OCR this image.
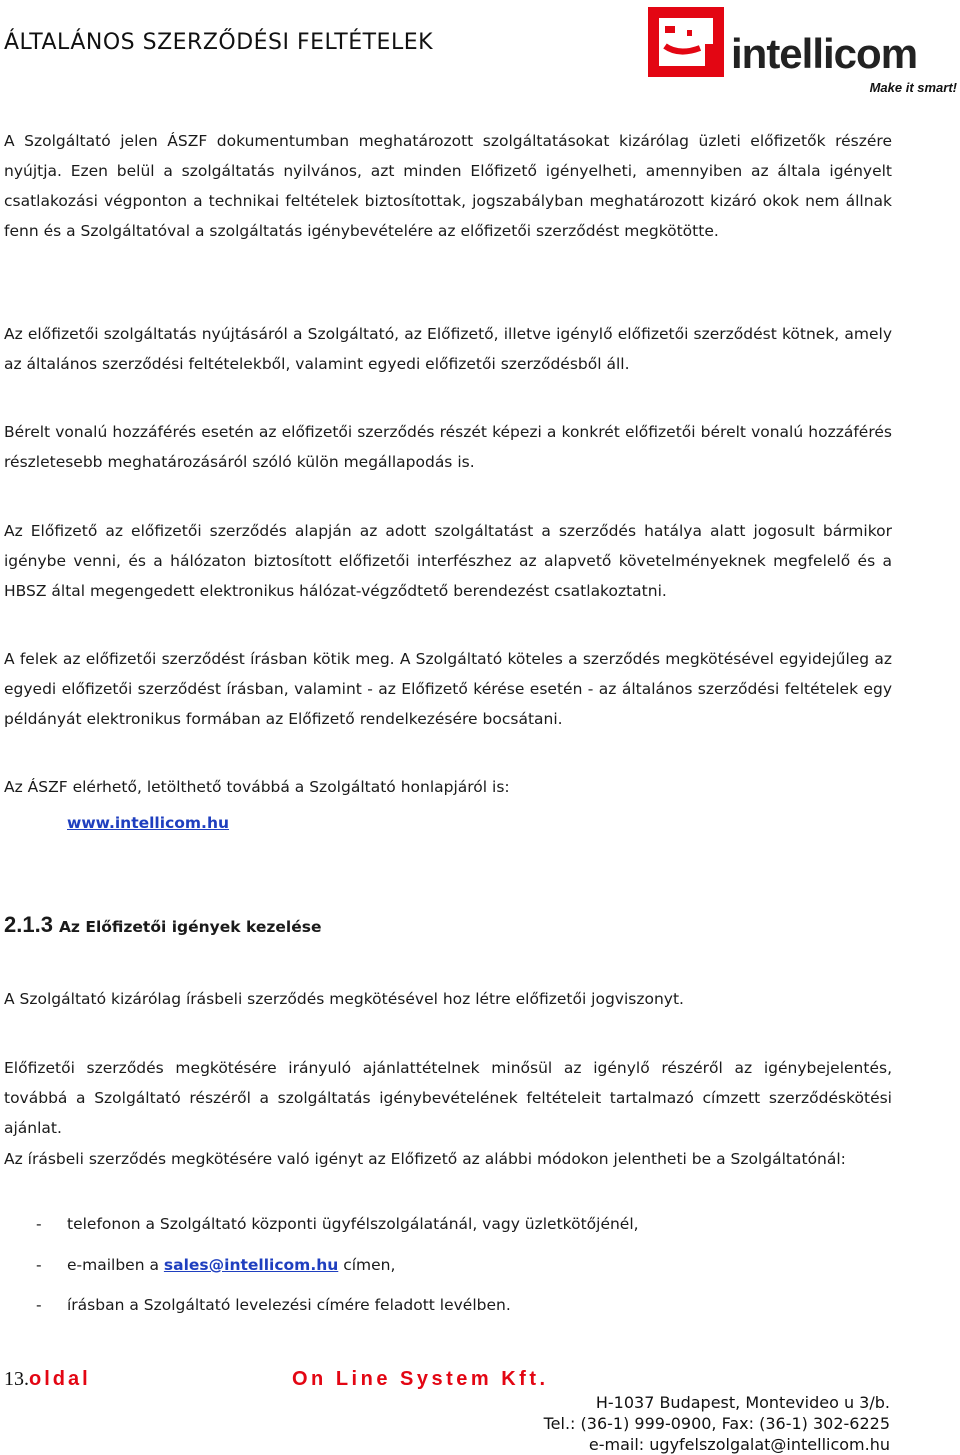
ÁLTALÁNOS SZERZŐDÉSI FELTÉTELEK	intellicom
Make it smart!
A Szolgáltató jelen ÁSZF dokumentumban meghatározott szolgáltatásokat kizárólag üzleti előfizetők részére nyújtja. Ezen belül a szolgáltatás nyilvános, azt minden Előfizető igényelheti, amennyiben az általa igényelt csatlakozási végponton a technikai feltételek biztosítottak, jogszabályban meghatározott kizáró okok nem állnak fenn és a Szolgáltatóval a szolgáltatás igénybevételére az előfizetői szerződést megkötötte.
Az előfizetői szolgáltatás nyújtásáról a Szolgáltató, az Előfizető, illetve igénylő előfizetői szerződést kötnek, amely az általános szerződési feltételekből, valamint egyedi előfizetői szerződésből áll.
Bérelt vonalú hozzáférés esetén az előfizetői szerződés részét képezi a konkrét előfizetői bérelt vonalú hozzáférés részletesebb meghatározásáról szóló külön megállapodás is.
Az Előfizető az előfizetői szerződés alapján az adott szolgáltatást a szerződés hatálya alatt jogosult bármikor igénybe venni, és a hálózaton biztosított előfizetői interfészhez az alapvető követelményeknek megfelelő és a HBSZ által megengedett elektronikus hálózat-végződtető berendezést csatlakoztatni.
A felek az előfizetői szerződést írásban kötik meg. A Szolgáltató köteles a szerződés megkötésével egyidejűleg az egyedi előfizetői szerződést írásban, valamint - az Előfizető kérése esetén - az általános szerződési feltételek egy példányát elektronikus formában az Előfizető rendelkezésére bocsátani.
Az ÁSZF elérhető, letölthető továbbá a Szolgáltató honlapjáról is:
www.intellicom.hu
2.1.3 Az Előfizetői igények kezelése
A Szolgáltató kizárólag írásbeli szerződés megkötésével hoz létre előfizetői jogviszonyt.
Előfizetői szerződés megkötésére irányuló ajánlattételnek minősül az igénylő részéről az igénybejelentés, továbbá a Szolgáltató részéről a szolgáltatás igénybevételének feltételeit tartalmazó címzett szerződéskötési ajánlat.
Az írásbeli szerződés megkötésére való igényt az Előfizető az alábbi módokon jelentheti be a Szolgáltatónál:
- telefonon a Szolgáltató központi ügyfélszolgálatánál, vagy üzletkötőjénél,
- e-mailben a sales@intellicom.hu címen,
- írásban a Szolgáltató levelezési címére feladott levélben.
13.oldal	On Line System Kft.
H-1037 Budapest, Montevideo u 3/b.
Tel.: (36-1) 999-0900, Fax: (36-1) 302-6225
e-mail: ugyfelszolgalat@intellicom.hu
